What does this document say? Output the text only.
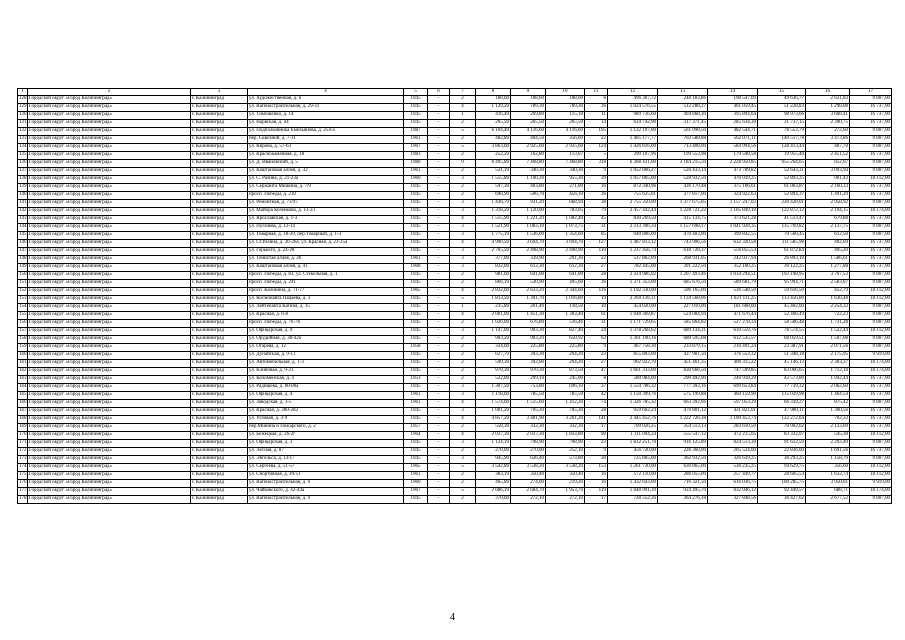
1	2	3	4	5	6	7	8	9	10	11	12	13	14	15	16	17
128	Городской округ «Город Калининград»	г. Калининград	ул. Художественная, д. 6	1945	-	2	188,60	188,60	188,60	6	496 367,72	248 183,86	198 547,09	49 636,77	2 631,83	9 807,00
129	Городской округ «Город Калининград»	г. Калининград	ул. Вагоностроительная, д. 29-31	1945	-	4	1 139,20	789,30	789,30	36	1 024 576,55	512 288,27	461 059,45	51 228,83	1 298,08	16 737,00
130	Городской округ «Город Калининград»	г. Калининград	ул. Тимошенко, д. 14	1945	-	1	416,40	269,80	115,10	11	989 736,60	494 868,30	395 894,64	98 973,66	3 668,41	16 737,00
131	Городской округ «Город Калининград»	г. Калининград	ул. Нарвская, д. 44	1945	-	2	265,50	265,50	265,50	14	634 742,90	317 371,45	285 634,30	31 737,15	2 390,75	16 737,00
132	Городской округ «Город Калининград»	г. Калининград	ул. Подполковника Емельянова, д. 254-а	1987	-	5	6 104,40	4 116,60	4 116,60	195	1 122 197,00	561 098,50	482 544,71	78 553,79	272,60	9 807,00
133	Городской округ «Город Калининград»	г. Калининград	пер. Сквозной, д. 7-11	1961	-	2	482,80	404,50	356,60	22	1 405 177,77	702 588,88	562 071,11	140 517,78	3 473,86	9 807,00
134	Городской округ «Город Калининград»	г. Калининград	ул. Кирова, д. 57-63	1967	-	5	3 863,60	2 925,60	2 925,60	124	1 426 816,00	713 408,00	584 994,56	128 413,44	487,70	9 807,00
135	Городской округ «Город Калининград»	г. Калининград	ул. Краснокаменная, д. 18	1983	-	2	252,20	162,80	113,67	5	399 107,96	199 553,98	179 598,58	19 955,40	2 451,52	16 737,00
136	Городской округ «Город Калининград»	г. Калининград	ул. Д. Ивановский, д. 5	1980	-	9	8 495,80	7 468,80	7 468,80	318	6 368 431,00	3 184 215,50	2 228 950,85	955 264,65	852,67	9 807,00
137	Городской округ «Город Калининград»	г. Калининград	ул. Каштановая аллея, д. 32	1961	-	2	531,10	340,30	340,30	9	1 052 866,27	526 433,14	473 789,82	52 643,31	3 093,94	9 807,00
138	Городской округ «Город Калининград»	г. Калининград	ул. С. Разина, д. 21-23а	1960	-	3	1 555,80	1 100,20	955,30	39	1 057 865,00	528 932,50	476 039,25	52 893,25	961,43	10 112,00
139	Городской округ «Город Калининград»	г. Калининград	ул. Сержанта Мишина, д. 7/9	1945	-	2	597,30	403,80	271,00	16	872 340,96	436 170,48	375 106,61	61 063,87	2 160,33	16 737,00
140	Городской округ «Город Калининград»	г. Калининград	просп. Победы, д. 210	1945	-	2	698,90	506,70	456,10	36	755 635,01	377 817,00	324 922,63	52 894,37	1 491,29	16 737,00
141	Городской округ «Город Калининград»	г. Калининград	ул. Ремонтная, д. 73/97	1945	-	3	1 436,70	931,20	668,94	38	2 755 350,09	1 377 675,05	1 157 247,03	220 428,01	2 958,92	9 807,00
142	Городской округ «Город Калининград»	г. Калининград	ул. Майора Козенкова, д. 13-23	1945	-	3	1 318,20	1 120,00	783,05	79	2 457 442,44	1 228 721,22	1 105 849,10	122 872,12	2 194,15	18 174,00
143	Городской округ «Город Калининград»	г. Калининград	ул. Ярославская, д. 1-3	1945	-	4	1 515,90	1 221,20	1 082,40	45	830 269,50	415 134,75	373 621,28	41 513,47	679,88	16 737,00
144	Городской округ «Город Калининград»	г. Калининград	ул. Пугачева, д. 12-14	1945	-	3	1 521,90	1 083,10	1 073,75	31	2 313 396,34	1 157 698,17	1 041 928,35	115 769,82	2 137,75	9 807,00
145	Городской округ «Город Калининград»	г. Калининград	ул. Товарная, д. 18-20, пер.Товарный, д. 1-3	1945	-	3	1 775,10	1 536,00	1 354,60	85	940 806,00	470 403,00	399 842,55	70 560,45	612,50	9 807,00
146	Городской округ «Город Калининград»	г. Калининград	ул. Ст.Разина, д. 26-26а, ул. Красная, д. 23-25а	1945	-	4	4 990,50	3 694,70	3 694,70	127	1 487 813,12	743 906,56	632 320,58	111 585,98	402,69	16 737,00
147	Городской округ «Город Калининград»	г. Калининград	ул. Горького, д. 24-28	1945	-	3	2 765,50	2 498,90	2 498,90	110	1 237 456,74	618 728,37	556 855,53	61 872,84	495,20	16 737,00
148	Городской округ «Город Калининград»	г. Калининград	ул. Тенистая аллея, д. 26	1961	-	3	377,00	339,90	291,30	22	537 862,09	268 931,05	242 037,94	26 893,10	1 586,61	16 737,00
149	Городской округ «Город Калининград»	г. Калининград	ул. Каштановая аллея, д. 41	1968	-	3	832,00	612,30	612,30	27	782 445,00	391 222,50	352 100,25	39 122,25	1 277,88	16 737,00
150	Городской округ «Город Калининград»	г. Калининград	просп. Победы, д. 83, ул. Стекольная, д. 1	1945	-	2	981,60	641,00	641,00	28	2 414 986,92	1 207 493,46	1 014 294,51	193 198,95	3 767,53	9 807,00
151	Городской округ «Город Калининград»	г. Калининград	просп. Победы, д. 241	1945	-	2	866,10	530,90	495,60	36	1 371 353,00	685 676,50	589 681,79	95 994,71	2 583,07	9 807,00
152	Городской округ «Город Калининград»	г. Калининград	просп. Калинина, д. 71-77	1965	-	4	2 832,60	2 633,20	2 344,60	116	1 192 330,00	596 165,00	536 548,50	59 616,50	452,79	10 112,00
153	Городской округ «Город Калининград»	г. Калининград	ул. Космонавта Пацаева, д. 3	1945	-	5	1 813,50	1 391,70	1 016,80	19	2 269 136,11	1 134 568,06	1 021 111,25	113 456,80	1 630,48	10 112,00
154	Городской округ «Город Калининград»	г. Калининград	ул. Лейтенанта Катина, д. 15	1945	-	1	235,80	201,40	118,50	10	454 020,00	227 010,00	181 608,00	45 402,00	2 254,32	9 807,00
155	Городской округ «Город Калининград»	г. Калининград	ул. Красная, д. 6-8	1945	-	4	2 001,00	1 451,30	1 303,40	61	1 048 369,87	524 084,94	471 676,44	52 408,49	722,23	9 807,00
156	Городской округ «Город Калининград»	г. Калининград	просп. Победы, д. 76-78	1945	-	2	1 026,00	676,80	516,46	31	1 171 729,65	585 864,82	527 278,34	58 586,48	1 731,28	9 807,00
157	Городской округ «Город Калининград»	г. Калининград	ул. Офицерская, д. 9	1945	-	3	1 147,00	903,30	827,40	24	1 378 268,62	689 134,31	610 559,76	78 574,55	1 522,44	10 112,00
158	Городской округ «Город Калининград»	г. Калининград	ул. Орудийная, д. 38-42а	1945	-	2	903,20	903,20	650,92	63	1 361 190,16	680 595,08	612 535,57	68 059,51	1 507,08	9 807,00
159	Городской округ «Город Калининград»	г. Калининград	ул. Огарева, д. 12	1958	-	2	334,60	225,80	225,80	9	467 758,30	233 879,15	210 491,24	23 387,91	2 071,56	9 807,00
160	Городской округ «Город Калининград»	г. Калининград	ул. Дунайская, д. 9-11	1945	-	2	627,70	393,30	294,20	23	855 803,00	427 901,50	376 553,32	51 348,18	2 175,95	9 919,00
161	Городской округ «Город Калининград»	г. Калининград	ул. Автомобильная, д. 1-3	1945	-	2	590,30	392,00	294,20	27	902 922,70	451 461,35	406 315,22	45 146,13	2 303,37	18 174,00
162	Городской округ «Город Калининград»	г. Калининград	ул. Клиновая, д. 9-21	1945	-	2	970,30	970,30	873,50	47	1 661 333,00	830 666,50	747 599,85	83 066,65	1 712,18	18 174,00
163	Городской округ «Город Калининград»	г. Калининград	ул. Коломенская, д. 4	1953	-	2	522,00	299,10	245,00	8	580 984,00	290 492,00	246 918,20	43 573,80	1 942,44	16 737,00
164	Городской округ «Город Калининград»	г. Калининград	ул. Радищева, д. 80-80а	1945	-	3	1 307,50	753,80	696,10	37	1 554 786,32	777 393,16	699 653,84	77 739,32	2 062,60	16 737,00
165	Городской округ «Город Калининград»	г. Калининград	ул. Офицерская, д. 4	1961	-	3	1 118,60	785,50	785,50	42	1 150 399,76	575 199,88	460 159,90	115 039,98	1 464,54	16 737,00
166	Городской округ «Город Калининград»	г. Калининград	ул. Заводская, д. 3-5	1961	-	4	1 574,60	1 515,60	1 412,20	74	1 326 785,32	663 392,66	597 053,39	66 339,27	875,42	9 807,00
167	Городской округ «Город Калининград»	г. Калининград	ул. Красная, д. 280-282	1945	-	3	1 001,20	705,30	705,30	28	959 602,24	479 801,12	431 821,01	47 980,11	1 360,56	16 737,00
168	Городской округ «Город Калининград»	г. Калининград	ул. Угловая, д. 3-9	1945	-	4	4 857,20	3 481,90	3 201,20	141	2 445 452,76	1 222 726,38	1 100 453,74	122 272,64	702,33	16 737,00
169	Городской округ «Город Калининград»	г. Калининград	пер.Минина и Пожарского, д. 2	1957	-	2	558,30	332,30	332,30	17	709 026,25	354 513,13	283 610,50	70 902,62	2 133,69	16 737,00
170	Городской округ «Город Калининград»	г. Калининград	ул. Бежецкая, д. 26-2г	1964	-	4	2 037,30	2 037,30	1 833,80	90	1 111 094,24	555 547,12	472 215,05	83 332,07	545,38	10 112,00
171	Городской округ «Город Калининград»	г. Калининград	ул. Офицерская, д. 3	1945	-	3	1 134,10	798,90	798,90	23	1 832 251,78	916 125,89	824 513,30	91 612,59	2 293,40	9 807,00
172	Городской округ «Город Калининград»	г. Калининград	ул. Лесная, д. 87	1945	-	2	270,00	270,00	252,10	9	456 720,00	228 360,00	205 524,00	22 836,00	1 691,56	16 737,00
173	Городской округ «Город Калининград»	г. Калининград	ул. Энгельса, д. 13/17	1945	-	3	945,90	626,40	573,80	30	725 865,00	362 932,50	326 639,25	36 293,25	1 158,79	9 807,00
174	Городской округ «Город Калининград»	г. Калининград	ул. Сергеева, д. 51-57	1965	-	5	3 542,80	3 538,20	3 538,20	153	1 261 730,00	630 865,00	536 235,25	94 629,75	356,60	10 112,00
175	Городской округ «Город Калининград»	г. Калининград	ул. Спортивная, д. 49/51	1961	-	2	383,10	350,40	350,40	16	572 110,00	286 055,00	257 449,77	28 605,53	1 632,74	10 112,00
176	Городской округ «Город Калининград»	г. Калининград	ул. Вагоностроительная, д. 6	1960	-	2	465,80	274,00	219,20	16	1 432 643,00	716 321,50	616 036,75	100 285,75	3 950,61	9 919,00
177	Городской округ «Город Калининград»	г. Калининград	ул. Чайковского, д. 42-44а	1967	-	5	2 686,10	2 684,70	1 953,70	119	1 848 991,39	924 495,70	832 046,12	92 449,57	688,71	18 174,00
178	Городской округ «Город Калининград»	г. Калининград	ул. Вагоностроительная, д. 9	1945	-	2	370,60	272,10	272,10	17	728 552,36	364 276,18	327 848,56	36 427,62	2 677,52	9 807,00
4
